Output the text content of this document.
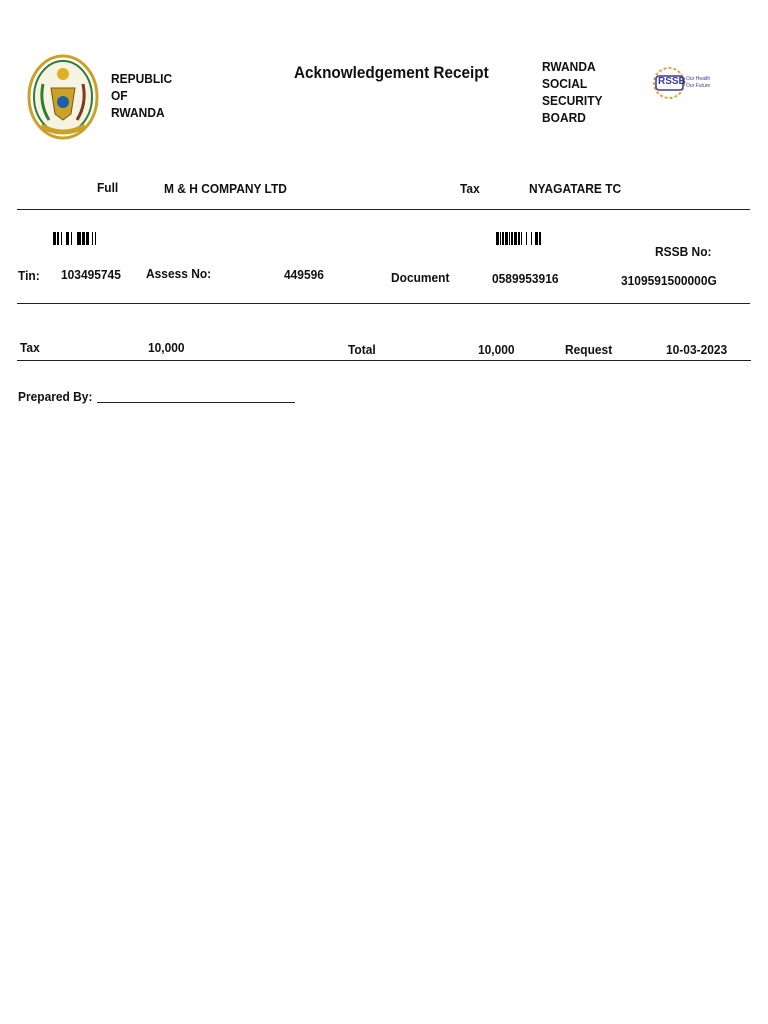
REPUBLIC
OF
RWANDA
Acknowledgement Receipt	RWANDA
SOCIAL
SECURITY
BOARD
RSSB Our Health
Our Future
Full	M & H COMPANY LTD	Tax	NYAGATARE TC
Tin: 103495745 Assess No:	449596	Document	0589953916
RSSB No:
3109591500000G
Tax	10,000	Total	10,000	Request	10-03-2023
Prepared By:
